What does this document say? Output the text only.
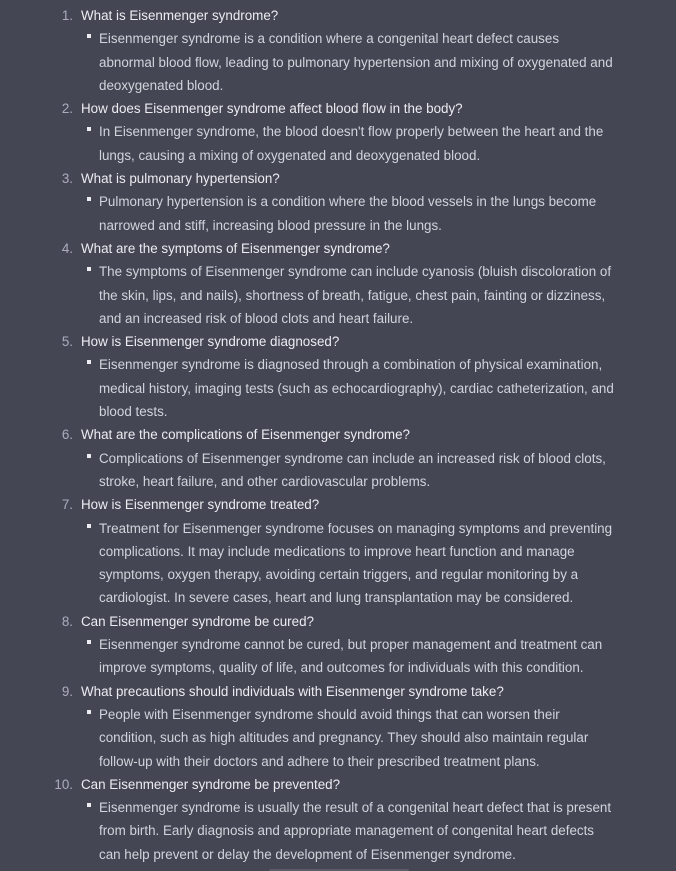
1. What is Eisenmenger syndrome?
Eisenmenger syndrome is a condition where a congenital heart defect causes abnormal blood flow, leading to pulmonary hypertension and mixing of oxygenated and deoxygenated blood.
2. How does Eisenmenger syndrome affect blood flow in the body?
In Eisenmenger syndrome, the blood doesn't flow properly between the heart and the lungs, causing a mixing of oxygenated and deoxygenated blood.
3. What is pulmonary hypertension?
Pulmonary hypertension is a condition where the blood vessels in the lungs become narrowed and stiff, increasing blood pressure in the lungs.
4. What are the symptoms of Eisenmenger syndrome?
The symptoms of Eisenmenger syndrome can include cyanosis (bluish discoloration of the skin, lips, and nails), shortness of breath, fatigue, chest pain, fainting or dizziness, and an increased risk of blood clots and heart failure.
5. How is Eisenmenger syndrome diagnosed?
Eisenmenger syndrome is diagnosed through a combination of physical examination, medical history, imaging tests (such as echocardiography), cardiac catheterization, and blood tests.
6. What are the complications of Eisenmenger syndrome?
Complications of Eisenmenger syndrome can include an increased risk of blood clots, stroke, heart failure, and other cardiovascular problems.
7. How is Eisenmenger syndrome treated?
Treatment for Eisenmenger syndrome focuses on managing symptoms and preventing complications. It may include medications to improve heart function and manage symptoms, oxygen therapy, avoiding certain triggers, and regular monitoring by a cardiologist. In severe cases, heart and lung transplantation may be considered.
8. Can Eisenmenger syndrome be cured?
Eisenmenger syndrome cannot be cured, but proper management and treatment can improve symptoms, quality of life, and outcomes for individuals with this condition.
9. What precautions should individuals with Eisenmenger syndrome take?
People with Eisenmenger syndrome should avoid things that can worsen their condition, such as high altitudes and pregnancy. They should also maintain regular follow-up with their doctors and adhere to their prescribed treatment plans.
10. Can Eisenmenger syndrome be prevented?
Eisenmenger syndrome is usually the result of a congenital heart defect that is present from birth. Early diagnosis and appropriate management of congenital heart defects can help prevent or delay the development of Eisenmenger syndrome.
